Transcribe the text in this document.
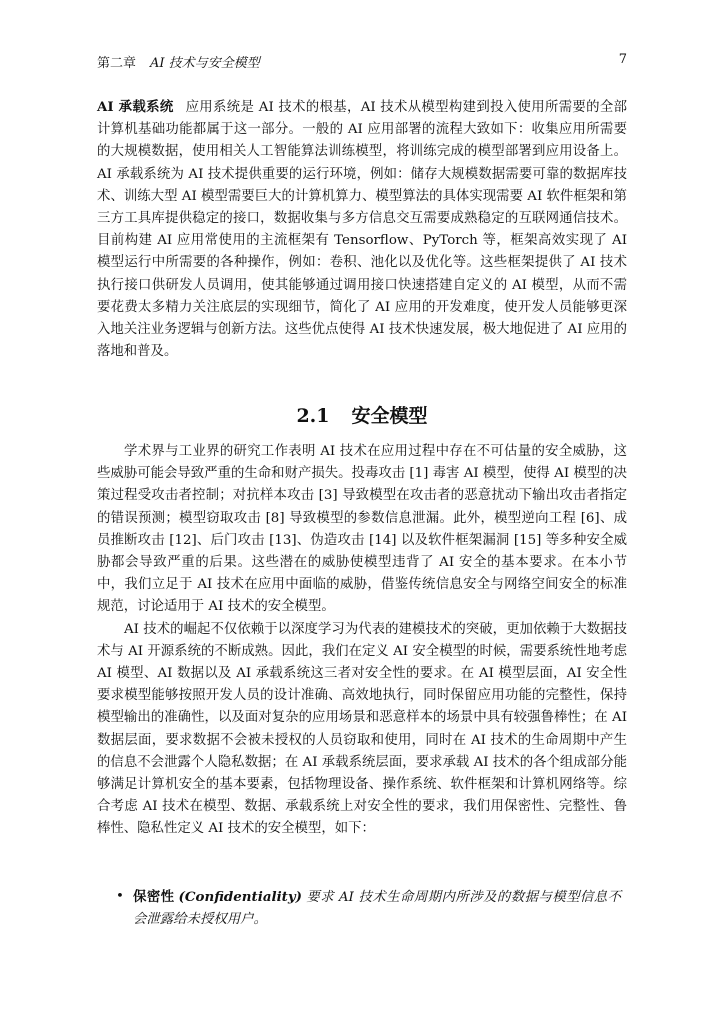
第二章 AI 技术与安全模型	7

AI 承载系统 应用系统是 AI 技术的根基，AI 技术从模型构建到投入使用所需要的全部计算机基础功能都属于这一部分。一般的 AI 应用部署的流程大致如下：收集应用所需要的大规模数据，使用相关人工智能算法训练模型，将训练完成的模型部署到应用设备上。AI 承载系统为 AI 技术提供重要的运行环境，例如：储存大规模数据需要可靠的数据库技术、训练大型 AI 模型需要巨大的计算机算力、模型算法的具体实现需要 AI 软件框架和第三方工具库提供稳定的接口，数据收集与多方信息交互需要成熟稳定的互联网通信技术。目前构建 AI 应用常使用的主流框架有 Tensorflow、PyTorch 等，框架高效实现了 AI 模型运行中所需要的各种操作，例如：卷积、池化以及优化等。这些框架提供了 AI 技术执行接口供研发人员调用，使其能够通过调用接口快速搭建自定义的 AI 模型，从而不需要花费太多精力关注底层的实现细节，简化了 AI 应用的开发难度，使开发人员能够更深入地关注业务逻辑与创新方法。这些优点使得 AI 技术快速发展，极大地促进了 AI 应用的落地和普及。

2.1 安全模型

学术界与工业界的研究工作表明 AI 技术在应用过程中存在不可估量的安全威胁，这些威胁可能会导致严重的生命和财产损失。投毒攻击 [1] 毒害 AI 模型，使得 AI 模型的决策过程受攻击者控制；对抗样本攻击 [3] 导致模型在攻击者的恶意扰动下输出攻击者指定的错误预测；模型窃取攻击 [8] 导致模型的参数信息泄漏。此外，模型逆向工程 [6]、成员推断攻击 [12]、后门攻击 [13]、伪造攻击 [14] 以及软件框架漏洞 [15] 等多种安全威胁都会导致严重的后果。这些潜在的威胁使模型违背了 AI 安全的基本要求。在本小节中，我们立足于 AI 技术在应用中面临的威胁，借鉴传统信息安全与网络空间安全的标准规范，讨论适用于 AI 技术的安全模型。

AI 技术的崛起不仅依赖于以深度学习为代表的建模技术的突破，更加依赖于大数据技术与 AI 开源系统的不断成熟。因此，我们在定义 AI 安全模型的时候，需要系统性地考虑 AI 模型、AI 数据以及 AI 承载系统这三者对安全性的要求。在 AI 模型层面，AI 安全性要求模型能够按照开发人员的设计准确、高效地执行，同时保留应用功能的完整性，保持模型输出的准确性，以及面对复杂的应用场景和恶意样本的场景中具有较强鲁棒性；在 AI 数据层面，要求数据不会被未授权的人员窃取和使用，同时在 AI 技术的生命周期中产生的信息不会泄露个人隐私数据；在 AI 承载系统层面，要求承载 AI 技术的各个组成部分能够满足计算机安全的基本要素，包括物理设备、操作系统、软件框架和计算机网络等。综合考虑 AI 技术在模型、数据、承载系统上对安全性的要求，我们用保密性、完整性、鲁棒性、隐私性定义 AI 技术的安全模型，如下：

• 保密性 (Confidentiality) 要求 AI 技术生命周期内所涉及的数据与模型信息不会泄露给未授权用户。
